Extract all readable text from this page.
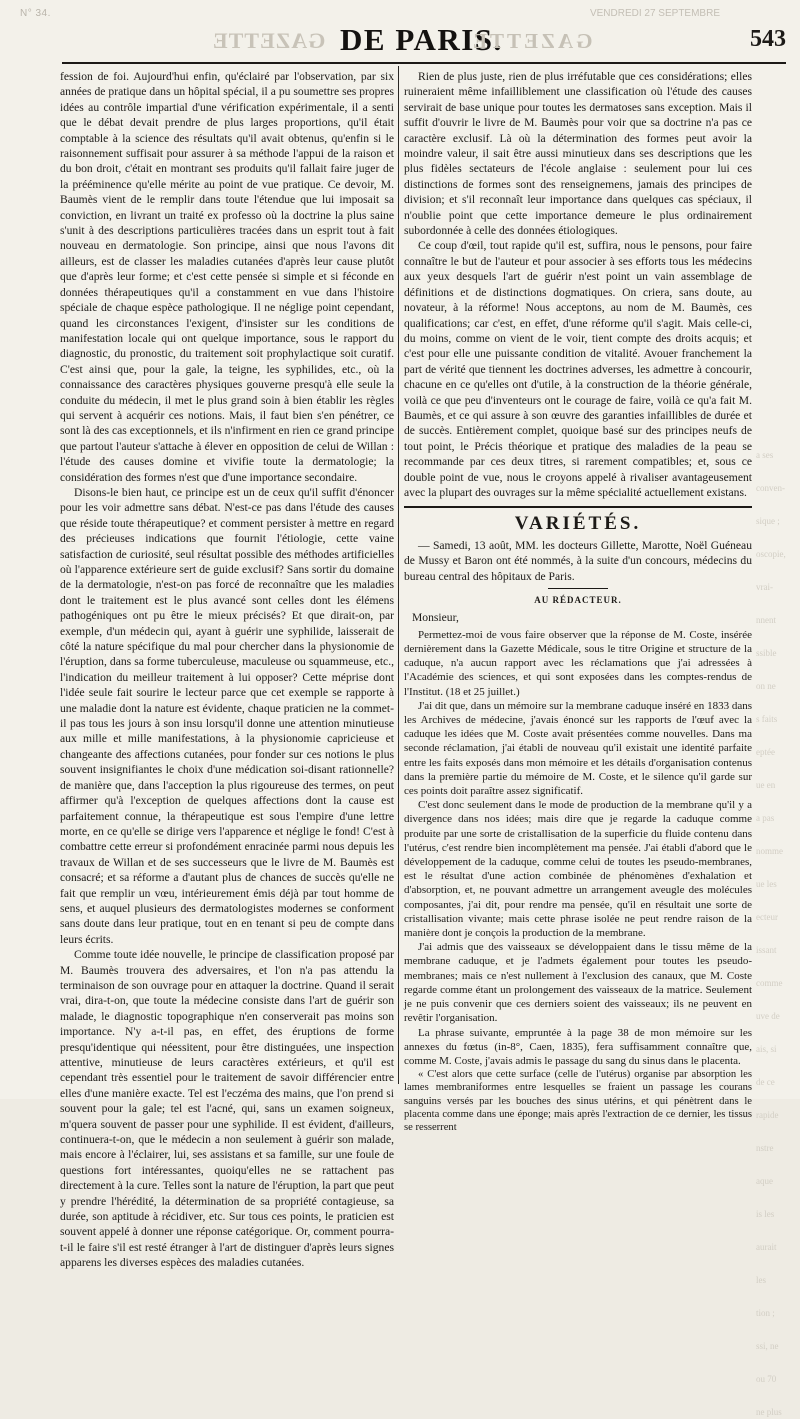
N° 34.	VENDREDI 27 SEPTEMBRE
GAZETTE DE PARIS.
GAZETTE	543

fession de foi. Aujourd'hui enfin, qu'éclairé par l'observation, par six années de pratique dans un hôpital spécial, il a pu soumettre ses propres idées au contrôle impartial d'une vérification expérimentale, il a senti que le débat devait prendre de plus larges proportions, qu'il était comptable à la science des résultats qu'il avait obtenus, qu'enfin si le raisonnement suffisait pour assurer à sa méthode l'appui de la raison et du bon droit, c'était en montrant ses produits qu'il fallait faire juger de la prééminence qu'elle mérite au point de vue pratique. Ce devoir, M. Baumès vient de le remplir dans toute l'étendue que lui imposait sa conviction, en livrant un traité ex professo où la doctrine la plus saine s'unit à des descriptions particulières tracées dans un esprit tout à fait nouveau en dermatologie. Son principe, ainsi que nous l'avons dit ailleurs, est de classer les maladies cutanées d'après leur cause plutôt que d'après leur forme; et c'est cette pensée si simple et si féconde en données thérapeutiques qu'il a constamment en vue dans l'histoire spéciale de chaque espèce pathologique. Il ne néglige point cependant, quand les circonstances l'exigent, d'insister sur les conditions de manifestation locale qui ont quelque importance, sous le rapport du diagnostic, du pronostic, du traitement soit prophylactique soit curatif. C'est ainsi que, pour la gale, la teigne, les syphilides, etc., où la connaissance des caractères physiques gouverne presqu'à elle seule la conduite du médecin, il met le plus grand soin à bien établir les règles qui servent à acquérir ces notions. Mais, il faut bien s'en pénétrer, ce sont là des cas exceptionnels, et ils n'infirment en rien ce grand principe que partout l'auteur s'attache à élever en opposition de celui de Willan : l'étude des causes domine et vivifie toute la dermatologie; la considération des formes n'est que d'une importance secondaire.

Disons-le bien haut, ce principe est un de ceux qu'il suffit d'énoncer pour les voir admettre sans débat. N'est-ce pas dans l'étude des causes que réside toute thérapeutique? et comment persister à mettre en regard des précieuses indications que fournit l'étiologie, cette vaine satisfaction de curiosité, seul résultat possible des méthodes artificielles où l'apparence extérieure sert de guide exclusif? Sans sortir du domaine de la dermatologie, n'est-on pas forcé de reconnaître que les maladies dont le traitement est le plus avancé sont celles dont les élémens pathogéniques ont pu être le mieux précisés? Et que dirait-on, par exemple, d'un médecin qui, ayant à guérir une syphilide, laisserait de côté la nature spécifique du mal pour chercher dans la physionomie de l'éruption, dans sa forme tuberculeuse, maculeuse ou squammeuse, etc., l'indication du meilleur traitement à lui opposer? Cette méprise dont l'idée seule fait sourire le lecteur parce que cet exemple se rapporte à une maladie dont la nature est évidente, chaque praticien ne la commet-il pas tous les jours à son insu lorsqu'il donne une attention minutieuse aux mille et mille manifestations, à la physionomie capricieuse et changeante des affections cutanées, pour fonder sur ces notions le plus souvent insignifiantes le choix d'une médication soi-disant rationnelle? de manière que, dans l'acception la plus rigoureuse des termes, on peut affirmer qu'à l'exception de quelques affections dont la cause est parfaitement connue, la thérapeutique est sous l'empire d'une lettre morte, en ce qu'elle se dirige vers l'apparence et néglige le fond! C'est à combattre cette erreur si profondément enracinée parmi nous depuis les travaux de Willan et de ses successeurs que le livre de M. Baumès est consacré; et sa réforme a d'autant plus de chances de succès qu'elle ne fait que remplir un vœu, intérieurement émis déjà par tout homme de sens, et auquel plusieurs des dermatologistes modernes se conforment sans doute dans leur pratique, tout en en tenant si peu de compte dans leurs écrits.

Comme toute idée nouvelle, le principe de classification proposé par M. Baumès trouvera des adversaires, et l'on n'a pas attendu la terminaison de son ouvrage pour en attaquer la doctrine. Quand il serait vrai, dira-t-on, que toute la médecine consiste dans l'art de guérir son malade, le diagnostic topographique n'en conserverait pas moins son importance. N'y a-t-il pas, en effet, des éruptions de forme presqu'identique qui néessitent, pour être distinguées, une inspection attentive, minutieuse de leurs caractères extérieurs, et qu'il est cependant très essentiel pour le traitement de savoir différencier entre elles d'une manière exacte. Tel est l'eczéma des mains, que l'on prend si souvent pour la gale; tel est l'acné, qui, sans un examen soigneux, m'quera souvent de passer pour une syphilide. Il est évident, d'ailleurs, continuera-t-on, que le médecin a non seulement à guérir son malade, mais encore à l'éclairer, lui, ses assistans et sa famille, sur une foule de questions fort intéressantes, quoiqu'elles ne se rattachent pas directement à la cure. Telles sont la nature de l'éruption, la part que peut y prendre l'hérédité, la détermination de sa propriété contagieuse, sa durée, son aptitude à récidiver, etc. Sur tous ces points, le praticien est souvent appelé à donner une réponse catégorique. Or, comment pourra-t-il le faire s'il est resté étranger à l'art de distinguer d'après leurs signes apparens les diverses espèces des maladies cutanées.

Rien de plus juste, rien de plus irréfutable que ces considérations; elles ruineraient même infailliblement une classification où l'étude des causes servirait de base unique pour toutes les dermatoses sans exception. Mais il suffit d'ouvrir le livre de M. Baumès pour voir que sa doctrine n'a pas ce caractère exclusif. Là où la détermination des formes peut avoir la moindre valeur, il sait être aussi minutieux dans ses descriptions que les plus fidèles sectateurs de l'école anglaise : seulement pour lui ces distinctions de formes sont des renseignemens, jamais des principes de division; et s'il reconnaît leur importance dans quelques cas spéciaux, il n'oublie point que cette importance demeure le plus ordinairement subordonnée à celle des données étiologiques.

Ce coup d'œil, tout rapide qu'il est, suffira, nous le pensons, pour faire connaître le but de l'auteur et pour associer à ses efforts tous les médecins aux yeux desquels l'art de guérir n'est point un vain assemblage de définitions et de distinctions dogmatiques. On criera, sans doute, au novateur, à la réforme! Nous acceptons, au nom de M. Baumès, ces qualifications; car c'est, en effet, d'une réforme qu'il s'agit. Mais celle-ci, du moins, comme on vient de le voir, tient compte des droits acquis; et c'est pour elle une puissante condition de vitalité. Avouer franchement la part de vérité que tiennent les doctrines adverses, les admettre à concourir, chacune en ce qu'elles ont d'utile, à la construction de la théorie générale, voilà ce que peu d'inventeurs ont le courage de faire, voilà ce qu'a fait M. Baumès, et ce qui assure à son œuvre des garanties infaillibles de durée et de succès. Entièrement complet, quoique basé sur des principes neufs de tout point, le Précis théorique et pratique des maladies de la peau se recommande par ces deux titres, si rarement compatibles; et, sous ce double point de vue, nous le croyons appelé à rivaliser avantageusement avec la plupart des ouvrages sur la même spécialité actuellement existans.

VARIÉTÉS.

— Samedi, 13 août, MM. les docteurs Gillette, Marotte, Noël Guéneau de Mussy et Baron ont été nommés, à la suite d'un concours, médecins du bureau central des hôpitaux de Paris.

AU RÉDACTEUR.
Monsieur,

Permettez-moi de vous faire observer que la réponse de M. Coste, insérée dernièrement dans la Gazette Médicale, sous le titre Origine et structure de la caduque, n'a aucun rapport avec les réclamations que j'ai adressées à l'Académie des sciences, et qui sont exposées dans les comptes-rendus de l'Institut. (18 et 25 juillet.)

J'ai dit que, dans un mémoire sur la membrane caduque inséré en 1833 dans les Archives de médecine, j'avais énoncé sur les rapports de l'œuf avec la caduque les idées que M. Coste avait présentées comme nouvelles. Dans ma seconde réclamation, j'ai établi de nouveau qu'il existait une identité parfaite entre les faits exposés dans mon mémoire et les détails d'organisation contenus dans la première partie du mémoire de M. Coste, et le silence qu'il garde sur ces points doit paraître assez significatif.

C'est donc seulement dans le mode de production de la membrane qu'il y a divergence dans nos idées; mais dire que je regarde la caduque comme produite par une sorte de cristallisation de la superficie du fluide contenu dans l'utérus, c'est rendre bien incomplètement ma pensée. J'ai établi d'abord que le développement de la caduque, comme celui de toutes les pseudo-membranes, est le résultat d'une action combinée de phénomènes d'exhalation et d'absorption, et, ne pouvant admettre un arrangement aveugle des molécules composantes, j'ai dit, pour rendre ma pensée, qu'il en résultait une sorte de cristallisation vivante; mais cette phrase isolée ne peut rendre raison de la manière dont je conçois la production de la membrane.

J'ai admis que des vaisseaux se développaient dans le tissu même de la membrane caduque, et je l'admets également pour toutes les pseudo-membranes; mais ce n'est nullement à l'exclusion des canaux, que M. Coste regarde comme étant un prolongement des vaisseaux de la matrice. Seulement je ne puis convenir que ces derniers soient des vaisseaux; ils ne peuvent en revêtir l'organisation.

La phrase suivante, empruntée à la page 38 de mon mémoire sur les annexes du fœtus (in-8°, Caen, 1835), fera suffisamment connaître que, comme M. Coste, j'avais admis le passage du sang du sinus dans le placenta.

« C'est alors que cette surface (celle de l'utérus) organise par absorption les lames membraniformes entre lesquelles se fraient un passage les courans sanguins versés par les bouches des sinus utérins, et qui pénètrent dans le placenta comme dans une éponge; mais après l'extraction de ce dernier, les tissus se resserrent

a ses
conven-
sique ;
oscopie,
vrai-
nnent
ssible
on ne
s faits
eptée
ue en
a pas
nomme
ue les
ecteur
issant
comme
uve de
ais, si
de ce
rapide
nstre
aque
is les
aurait
les
tion ;
ssi, ne
ou 70
ne plus
